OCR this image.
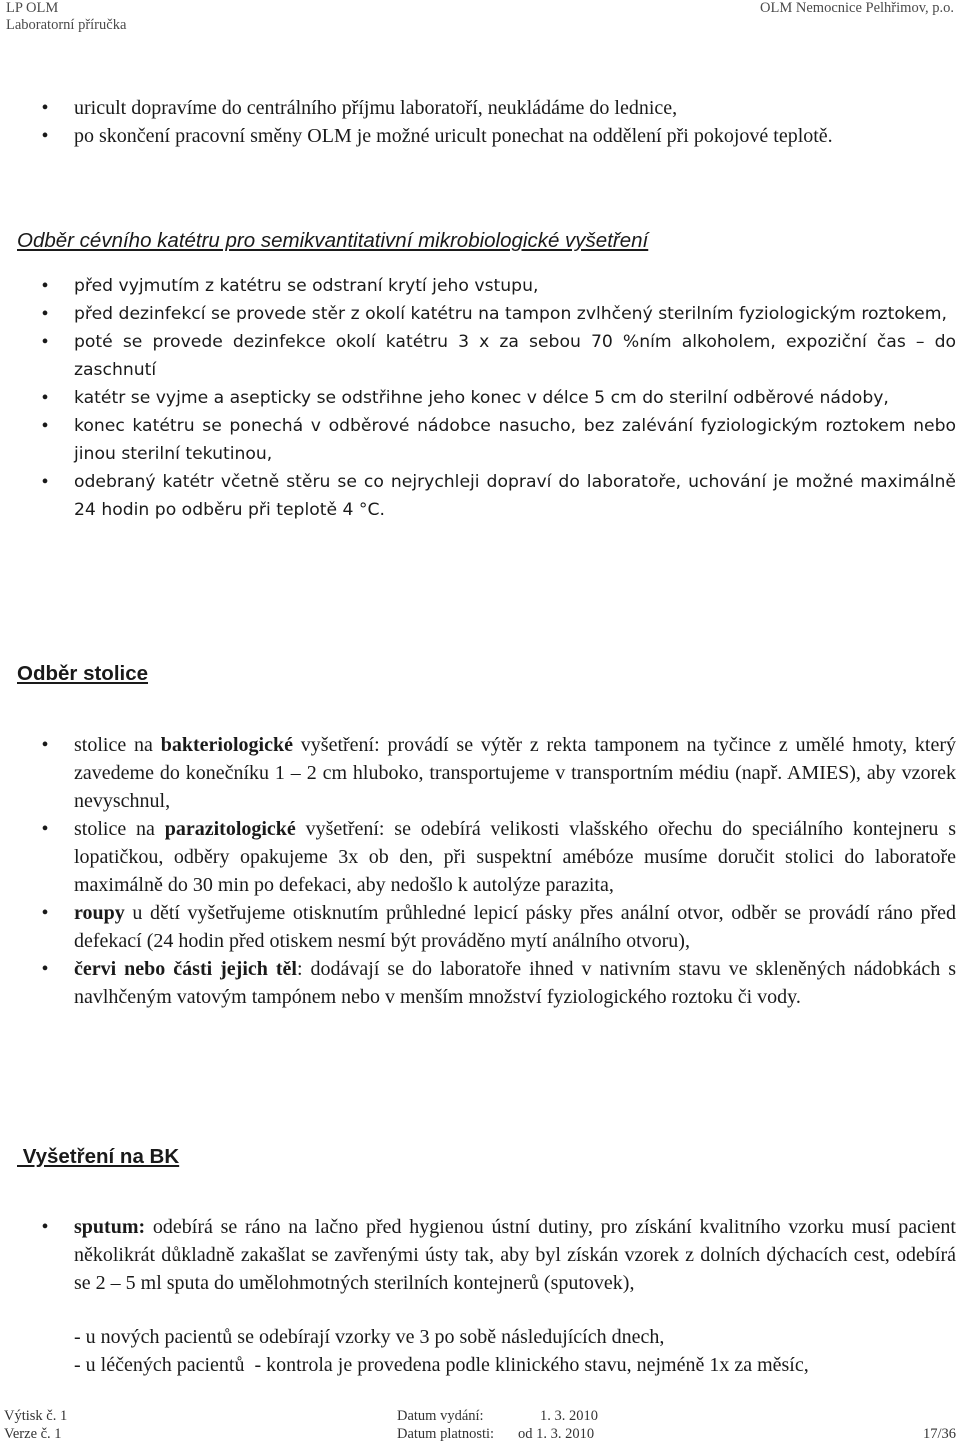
LP OLM
Laboratorní příručka
OLM Nemocnice Pelhřimov, p.o.
• uricult dopravíme do centrálního příjmu laboratoří, neukládáme do lednice,
• po skončení pracovní směny OLM je možné uricult ponechat na oddělení při pokojové teplotě.
Odběr cévního katétru pro semikvantitativní mikrobiologické vyšetření
• před vyjmutím z katétru se odstraní krytí jeho vstupu,
• před dezinfekcí se provede stěr z okolí katétru na tampon zvlhčený sterilním fyziologickým roztokem,
• poté se provede dezinfekce okolí katétru 3 x za sebou 70 %ním alkoholem, expoziční čas – do zaschnutí
• katétr se vyjme a asepticky se odstřihne jeho konec v délce 5 cm do sterilní odběrové nádoby,
• konec katétru se ponechá v odběrové nádobce nasucho, bez zalévání fyziologickým roztokem nebo jinou sterilní tekutinou,
• odebraný katétr včetně stěru se co nejrychleji dopraví do laboratoře, uchování je možné maximálně 24 hodin po odběru při teplotě 4 °C.
Odběr stolice
• stolice na bakteriologické vyšetření: provádí se výtěr z rekta tamponem na tyčince z umělé hmoty, který zavedeme do konečníku 1 – 2 cm hluboko, transportujeme v transportním médiu (např. AMIES), aby vzorek nevyschnul,
• stolice na parazitologické vyšetření: se odebírá velikosti vlašského ořechu do speciálního kontejneru s lopatičkou, odběry opakujeme 3x ob den, při suspektní amébóze musíme doručit stolici do laboratoře maximálně do 30 min po defekaci, aby nedošlo k autolýze parazita,
• roupy u dětí vyšetřujeme otisknutím průhledné lepicí pásky přes anální otvor, odběr se provádí ráno před defekací (24 hodin před otiskem nesmí být prováděno mytí análního otvoru),
• červi nebo části jejich těl: dodávají se do laboratoře ihned v nativním stavu ve skleněných nádobkách s navlhčeným vatovým tampónem nebo v menším množství fyziologického roztoku či vody.
Vyšetření na BK
• sputum: odebírá se ráno na lačno před hygienou ústní dutiny, pro získání kvalitního vzorku musí pacient několikrát důkladně zakašlat se zavřenými ústy tak, aby byl získán vzorek z dolních dýchacích cest, odebírá se 2 – 5 ml sputa do umělohmotných sterilních kontejnerů (sputovek),
- u nových pacientů se odebírají vzorky ve 3 po sobě následujících dnech,
- u léčených pacientů  - kontrola je provedena podle klinického stavu, nejméně 1x za měsíc,
Výtisk č. 1
Verze č. 1
Datum vydání:
Datum platnosti:
1. 3. 2010
od 1. 3. 2010	17/36
